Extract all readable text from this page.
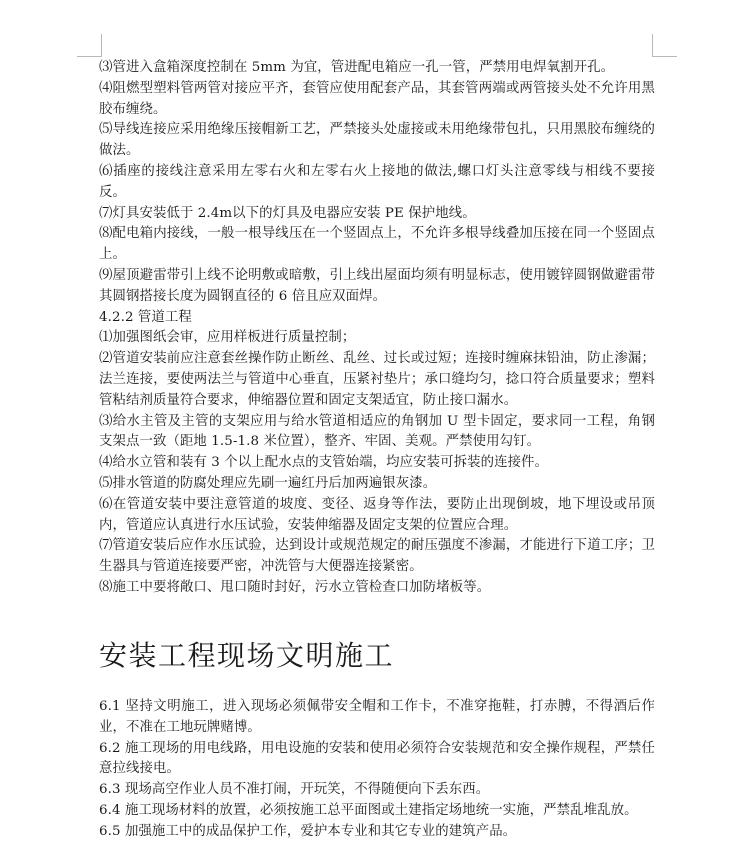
⑶管进入盒箱深度控制在 5mm 为宜，管进配电箱应一孔一管，严禁用电焊氧割开孔。

⑷阻燃型塑料管两管对接应平齐，套管应使用配套产品，其套管两端或两管接头处不允许用黑胶布缠绕。

⑸导线连接应采用绝缘压接帽新工艺，严禁接头处虚接或未用绝缘带包扎，只用黑胶布缠绕的做法。

⑹插座的接线注意采用左零右火和左零右火上接地的做法,螺口灯头注意零线与相线不要接反。

⑺灯具安装低于 2.4m以下的灯具及电器应安装 PE 保护地线。

⑻配电箱内接线，一般一根导线压在一个竖固点上，不允许多根导线叠加压接在同一个竖固点上。

⑼屋顶避雷带引上线不论明敷或暗敷，引上线出屋面均须有明显标志，使用镀锌圆钢做避雷带其圆钢搭接长度为圆钢直径的 6 倍且应双面焊。

4.2.2 管道工程

⑴加强图纸会审，应用样板进行质量控制；

⑵管道安装前应注意套丝操作防止断丝、乱丝、过长或过短；连接时缠麻抹铅油，防止渗漏；法兰连接，要使两法兰与管道中心垂直，压紧衬垫片；承口缝均匀，捻口符合质量要求；塑料管粘结剂质量符合要求，伸缩器位置和固定支架适宜，防止接口漏水。

⑶给水主管及主管的支架应用与给水管道相适应的角钢加 U 型卡固定，要求同一工程，角钢支架点一致（距地 1.5-1.8 米位置），整齐、牢固、美观。严禁使用勾钉。

⑷给水立管和装有 3 个以上配水点的支管始端，均应安装可拆装的连接件。

⑸排水管道的防腐处理应先刷一遍红丹后加两遍银灰漆。

⑹在管道安装中要注意管道的坡度、变径、返身等作法，要防止出现倒坡，地下埋设或吊顶内，管道应认真进行水压试验，安装伸缩器及固定支架的位置应合理。

⑺管道安装后应作水压试验，达到设计或规范规定的耐压强度不渗漏，才能进行下道工序；卫生器具与管道连接要严密，冲洗管与大便器连接紧密。

⑻施工中要将敞口、甩口随时封好，污水立管检查口加防堵板等。

安装工程现场文明施工

6.1 坚持文明施工，进入现场必须佩带安全帽和工作卡，不准穿拖鞋，打赤膊，不得酒后作业，不准在工地玩牌赌博。

6.2 施工现场的用电线路，用电设施的安装和使用必须符合安装规范和安全操作规程，严禁任意拉线接电。

6.3 现场高空作业人员不准打闹，开玩笑，不得随便向下丢东西。

6.4 施工现场材料的放置，必须按施工总平面图或土建指定场地统一实施，严禁乱堆乱放。

6.5 加强施工中的成品保护工作，爱护本专业和其它专业的建筑产品。
